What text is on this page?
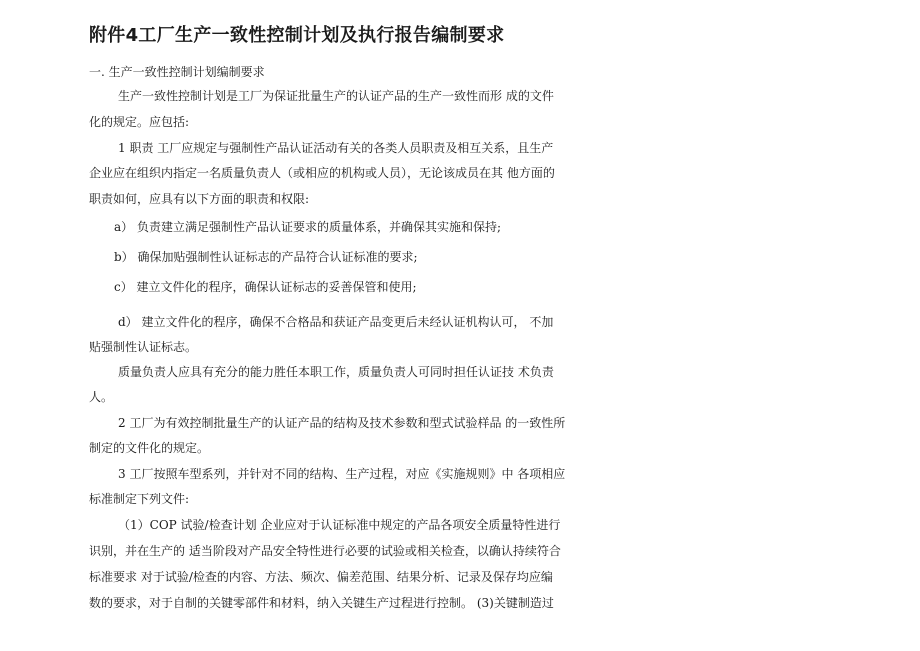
附件4工厂生产一致性控制计划及执行报告编制要求

一. 生产一致性控制计划编制要求

生产一致性控制计划是工厂为保证批量生产的认证产品的生产一致性而形 成的文件

化的规定。应包括:

1 职责 工厂应规定与强制性产品认证活动有关的各类人员职责及相互关系，且生产

企业应在组织内指定一名质量负责人（或相应的机构或人员），无论该成员在其 他方面的

职责如何，应具有以下方面的职责和权限:

a） 负责建立满足强制性产品认证要求的质量体系，并确保其实施和保持;

b） 确保加贴强制性认证标志的产品符合认证标准的要求;

c） 建立文件化的程序，确保认证标志的妥善保管和使用;

d） 建立文件化的程序，确保不合格品和获证产品变更后未经认证机构认可， 不加

贴强制性认证标志。

质量负责人应具有充分的能力胜任本职工作，质量负责人可同时担任认证技 术负责

人。

2 工厂为有效控制批量生产的认证产品的结构及技术参数和型式试验样品 的一致性所

制定的文件化的规定。

3 工厂按照车型系列，并针对不同的结构、生产过程，对应《实施规则》中 各项相应

标准制定下列文件:

（1）COP 试验/检查计划 企业应对于认证标准中规定的产品各项安全质量特性进行

识别，并在生产的 适当阶段对产品安全特性进行必要的试验或相关检查，以确认持续符合

标准要求 对于试验/检查的内容、方法、频次、偏差范围、结果分析、记录及保存均应编

数的要求，对于自制的关键零部件和材料，纳入关键生产过程进行控制。 (3)关键制造过
